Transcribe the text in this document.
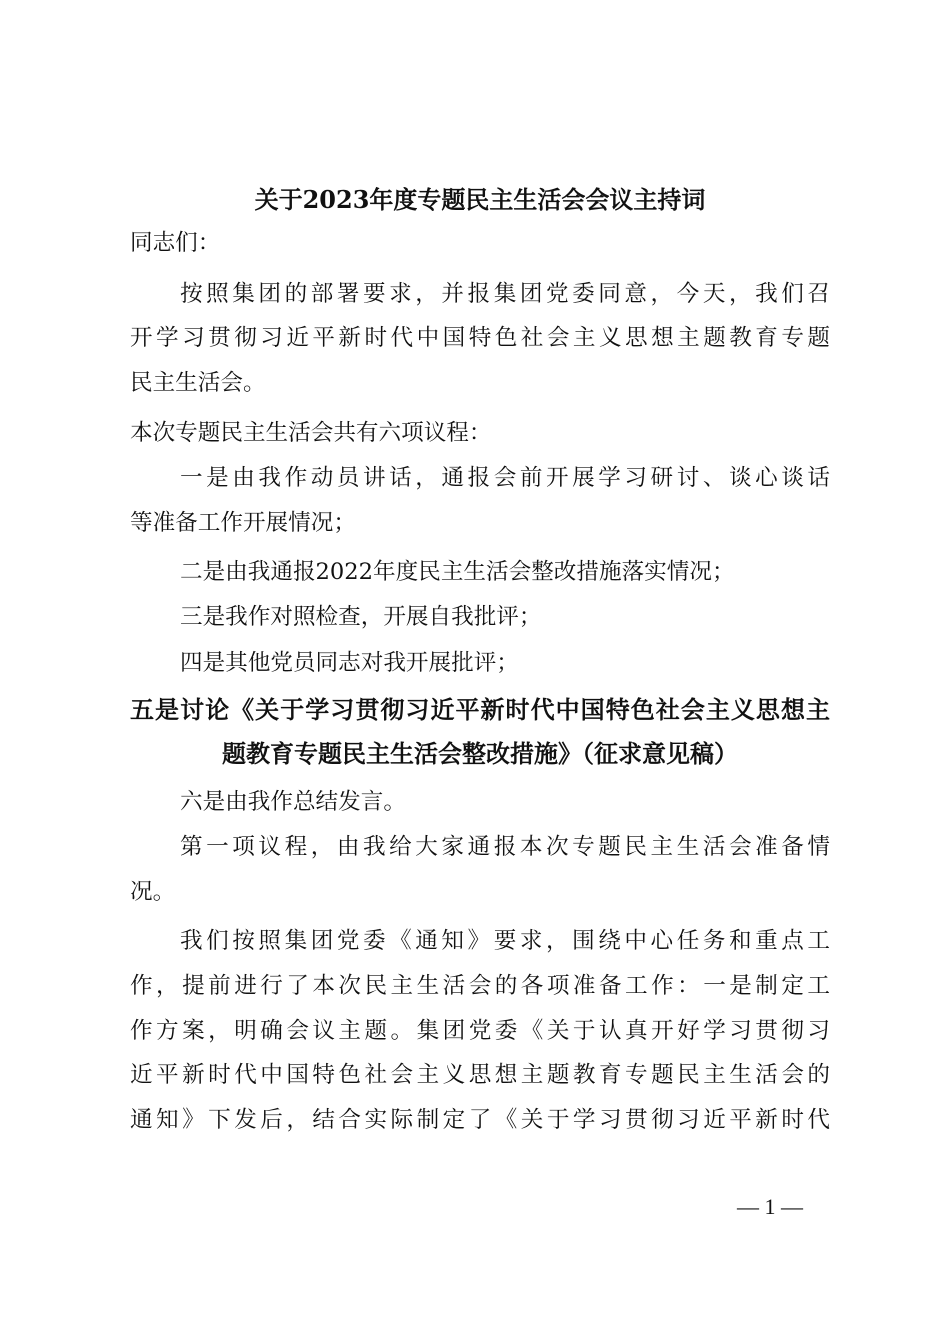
关于2023年度专题民主生活会会议主持词
同志们：
按照集团的部署要求，并报集团党委同意，今天，我们召
开学习贯彻习近平新时代中国特色社会主义思想主题教育专题
民主生活会。
本次专题民主生活会共有六项议程：
一是由我作动员讲话，通报会前开展学习研讨、谈心谈话
等准备工作开展情况；
二是由我通报2022年度民主生活会整改措施落实情况；
三是我作对照检查，开展自我批评；
四是其他党员同志对我开展批评；
五是讨论《关于学习贯彻习近平新时代中国特色社会主义思想主
题教育专题民主生活会整改措施》（征求意见稿）
六是由我作总结发言。
第一项议程，由我给大家通报本次专题民主生活会准备情
况。
我们按照集团党委《通知》要求，围绕中心任务和重点工
作，提前进行了本次民主生活会的各项准备工作：一是制定工
作方案，明确会议主题。集团党委《关于认真开好学习贯彻习
近平新时代中国特色社会主义思想主题教育专题民主生活会的
通知》下发后，结合实际制定了《关于学习贯彻习近平新时代
— 1 —
